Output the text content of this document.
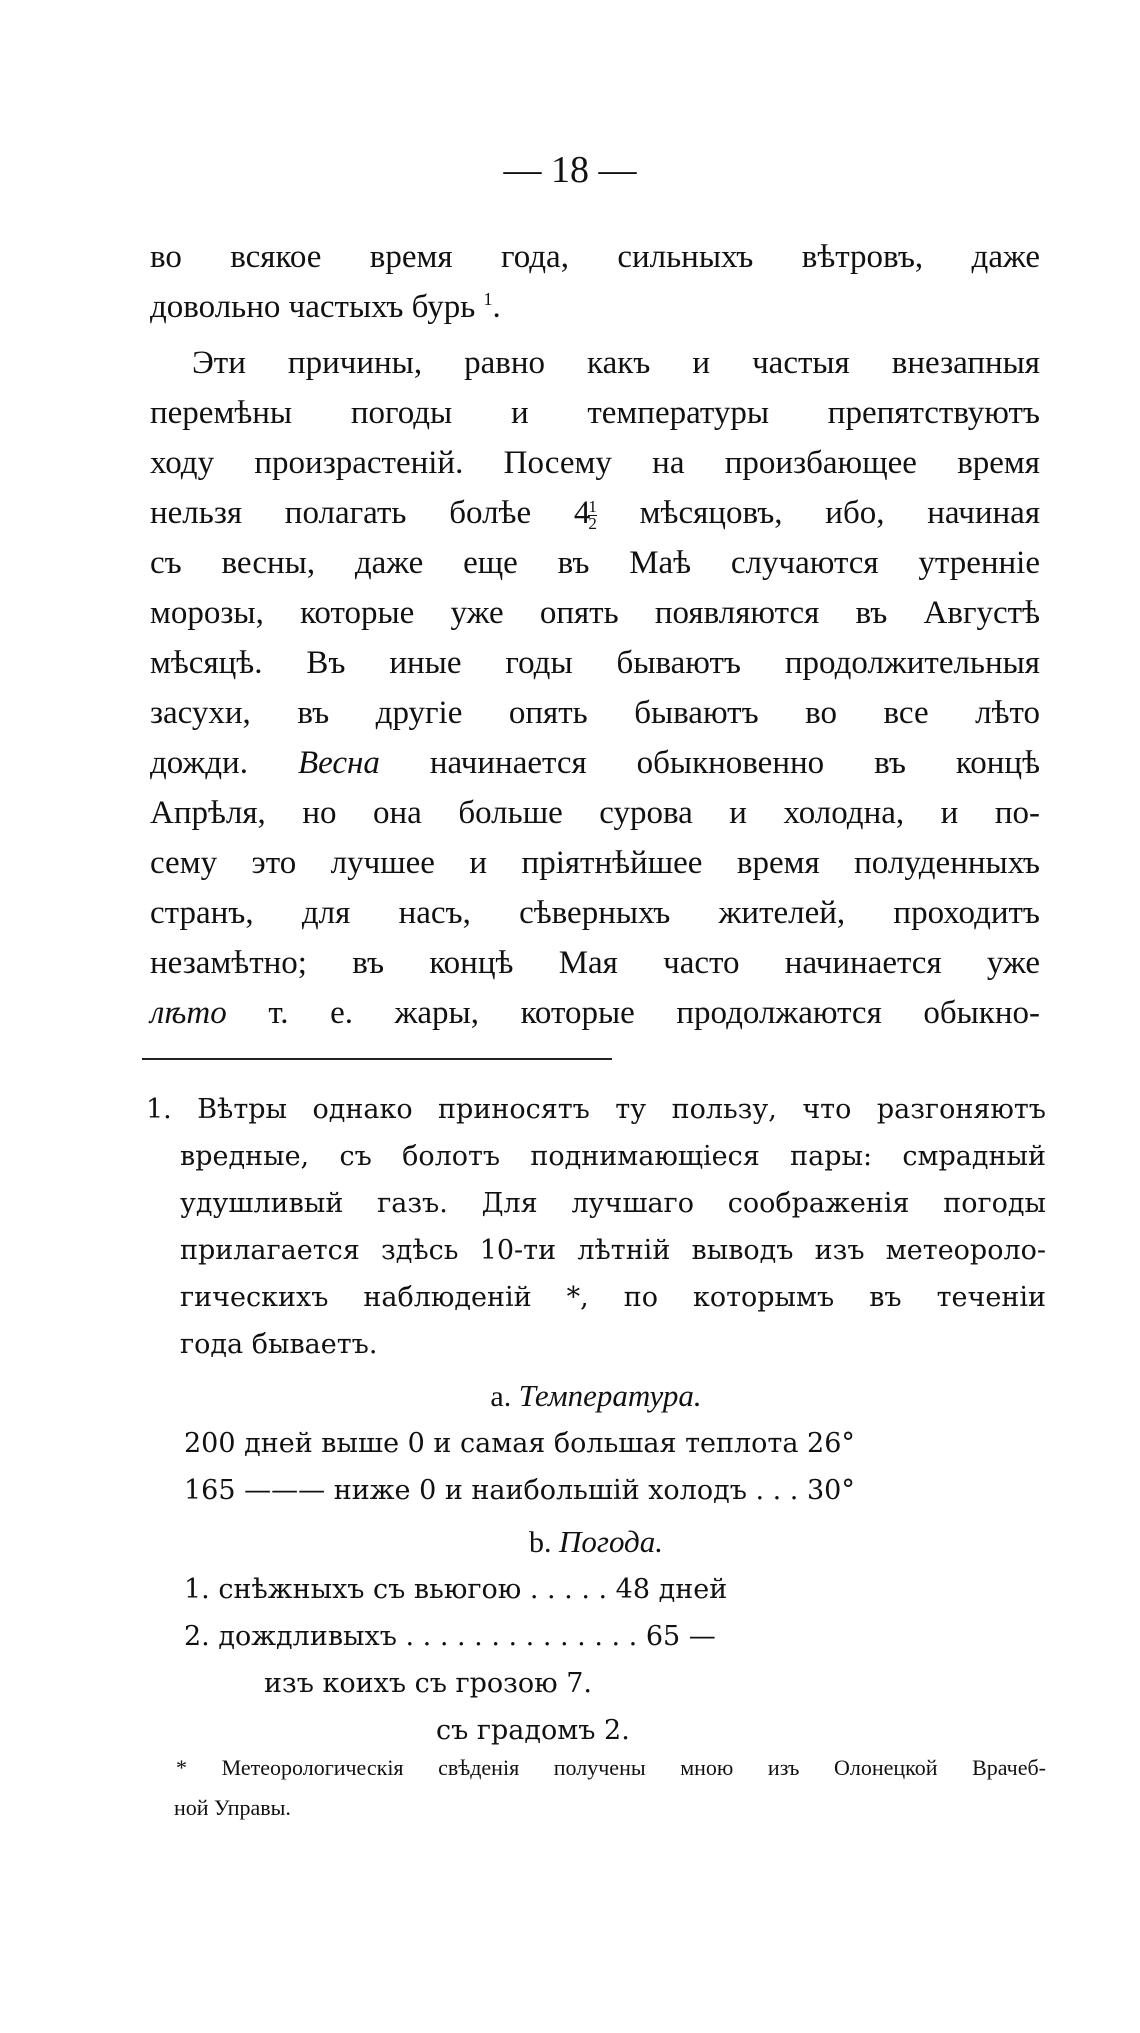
— 18 —
во всякое время года, сильныхъ вѣтровъ, даже
довольно частыхъ бурь $^1$.
Эти причины, равно какъ и частыя внезапныя
перемѣны погоды и температуры препятствуютъ
ходу произрастеній. Посему на произбающее время
нельзя полагать болѣе 4
$\frac{1}{2}$ мѣсяцовъ, ибо, начиная
съ весны, даже еще въ Маѣ случаются утренніе
морозы, которые уже опять появляются въ Августѣ
мѣсяцѣ. Въ иные годы бываютъ продолжительныя
засухи, въ другіе опять бываютъ во все лѣто
дожди. Весна начинается обыкновенно въ концѣ
Апрѣля, но она больше сурова и холодна, и по-
сему это лучшее и пріятнѣйшее время полуденныхъ
странъ, для насъ, сѣверныхъ жителей, проходитъ
незамѣтно; въ концѣ Мая часто начинается уже
лѣто т. е. жары, которые продолжаются обыкно-
1. Вѣтры однако приносятъ ту пользу, что разгоняютъ
вредные, съ болотъ поднимающіеся пары: смрадный
удушливый газъ. Для лучшаго соображенія погоды
прилагается здѣсь 10-ти лѣтній выводъ изъ метеороло-
гическихъ наблюденій *, по которымъ въ теченіи
года бываетъ.
a. Температура.
200 дней выше 0 и самая большая теплота 26°
165 ——— ниже 0 и наибольшій холодъ . . . 30°
b. Погода.
1. снѣжныхъ съ вьюгою . . . . . 48 дней
2. дождливыхъ . . . . . . . . . . . . . . 65 —
изъ коихъ съ грозою 7.
съ градомъ 2.
* Метеорологическія свѣденія получены мною изъ Олонецкой Врачеб-
ной Управы.
